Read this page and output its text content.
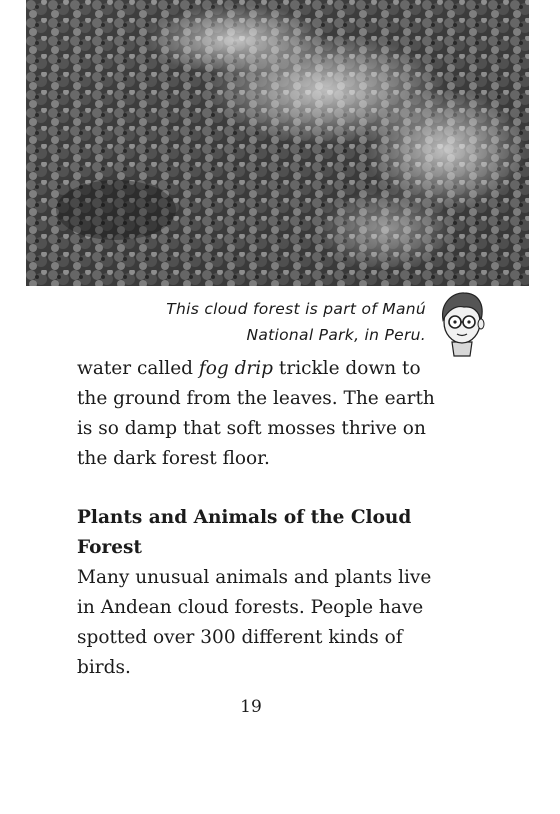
This cloud forest is part of Manú
National Park, in Peru.

water called fog drip trickle down to the ground from the leaves. The earth is so damp that soft mosses thrive on the dark forest floor.

Plants and Animals of the Cloud Forest

Many unusual animals and plants live in Andean cloud forests. People have spotted over 300 different kinds of birds.

19
